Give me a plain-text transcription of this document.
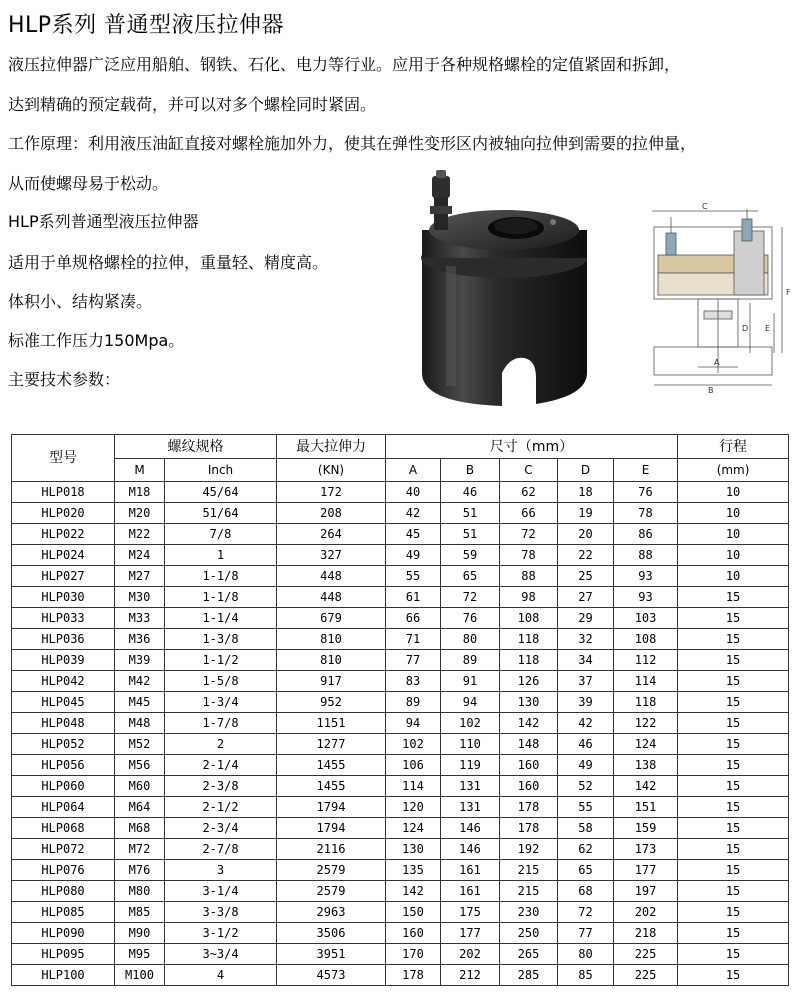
HLP系列 普通型液压拉伸器
液压拉伸器广泛应用船舶、钢铁、石化、电力等行业。应用于各种规格螺栓的定值紧固和拆卸，
达到精确的预定载荷，并可以对多个螺栓同时紧固。
工作原理：利用液压油缸直接对螺栓施加外力，使其在弹性变形区内被轴向拉伸到需要的拉伸量，
从而使螺母易于松动。
HLP系列普通型液压拉伸器
适用于单规格螺栓的拉伸，重量轻、精度高。
体积小、结构紧凑。
标准工作压力150Mpa。
主要技术参数：
C
F
E
D
A
B
型号	螺纹规格		最大拉伸力	尺寸（mm）					行程
	M	Inch	(KN)	A	B	C	D	E	(mm)
HLP018	M18	45/64	172	40	46	62	18	76	10
HLP020	M20	51/64	208	42	51	66	19	78	10
HLP022	M22	7/8	264	45	51	72	20	86	10
HLP024	M24	1	327	49	59	78	22	88	10
HLP027	M27	1-1/8	448	55	65	88	25	93	10
HLP030	M30	1-1/8	448	61	72	98	27	93	15
HLP033	M33	1-1/4	679	66	76	108	29	103	15
HLP036	M36	1-3/8	810	71	80	118	32	108	15
HLP039	M39	1-1/2	810	77	89	118	34	112	15
HLP042	M42	1-5/8	917	83	91	126	37	114	15
HLP045	M45	1-3/4	952	89	94	130	39	118	15
HLP048	M48	1-7/8	1151	94	102	142	42	122	15
HLP052	M52	2	1277	102	110	148	46	124	15
HLP056	M56	2-1/4	1455	106	119	160	49	138	15
HLP060	M60	2-3/8	1455	114	131	160	52	142	15
HLP064	M64	2-1/2	1794	120	131	178	55	151	15
HLP068	M68	2-3/4	1794	124	146	178	58	159	15
HLP072	M72	2-7/8	2116	130	146	192	62	173	15
HLP076	M76	3	2579	135	161	215	65	177	15
HLP080	M80	3-1/4	2579	142	161	215	68	197	15
HLP085	M85	3-3/8	2963	150	175	230	72	202	15
HLP090	M90	3-1/2	3506	160	177	250	77	218	15
HLP095	M95	3~3/4	3951	170	202	265	80	225	15
HLP100	M100	4	4573	178	212	285	85	225	15
